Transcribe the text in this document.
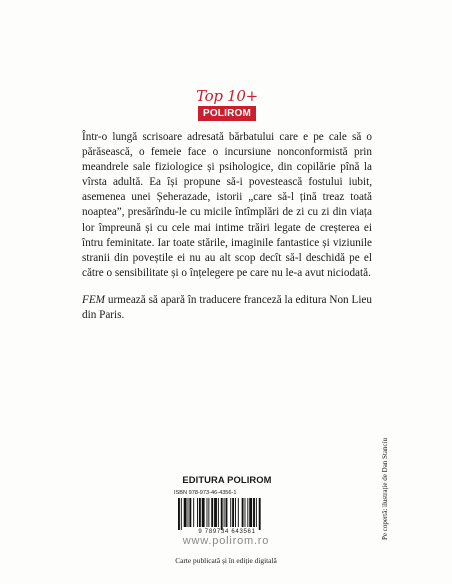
Top 10+
POLIROM

Într-o lungă scrisoare adresată bărbatului care e pe cale să o părăsească, o femeie face o incursiune nonconformistă prin meandrele sale fiziologice și psihologice, din copilărie pînă la vîrsta adultă. Ea își propune să-i povestească fostului iubit, asemenea unei Șeherazade, istorii „care să-l țină treaz toată noaptea”, presărîndu-le cu micile întîmplări de zi cu zi din viața lor împreună și cu cele mai intime trăiri legate de creșterea ei întru feminitate. Iar toate stările, imaginile fantastice și viziunile stranii din poveștile ei nu au alt scop decît să-l deschidă pe el către o sensibilitate și o înțelegere pe care nu le-a avut niciodată.

FEM urmează să apară în traducere franceză la editura Non Lieu din Paris.

EDITURA POLIROM
ISBN 978-973-46-4356-1
9 789734 643561
www.polirom.ro
Carte publicată și în ediție digitală
Pe copertă: ilustrație de Dan Stanciu
